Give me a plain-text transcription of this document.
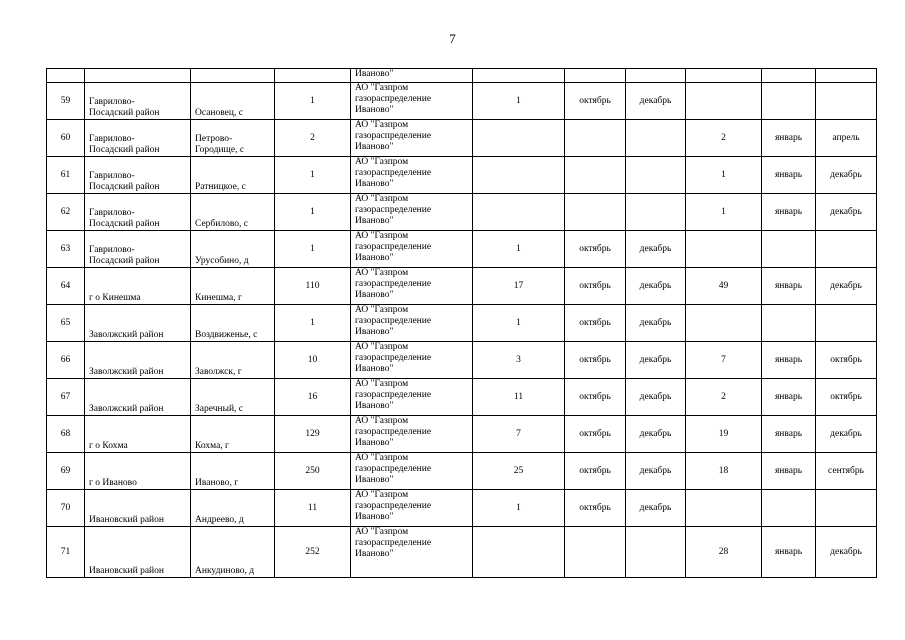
7
				Иваново"						
59	Гаврилово-
Посадский район	Осановец, с	1	АО "Газпром
газораспределение
Иваново"	1	октябрь	декабрь			
60	Гаврилово-
Посадский район	Петрово-
Городище, с	2	АО "Газпром
газораспределение
Иваново"				2	январь	апрель
61	Гаврилово-
Посадский район	Ратницкое, с	1	АО "Газпром
газораспределение
Иваново"				1	январь	декабрь
62	Гаврилово-
Посадский район	Сербилово, с	1	АО "Газпром
газораспределение
Иваново"				1	январь	декабрь
63	Гаврилово-
Посадский район	Урусобино, д	1	АО "Газпром
газораспределение
Иваново"	1	октябрь	декабрь			
64	г о Кинешма	Кинешма, г	110	АО "Газпром
газораспределение
Иваново"	17	октябрь	декабрь	49	январь	декабрь
65	Заволжский район	Воздвиженье, с	1	АО "Газпром
газораспределение
Иваново"	1	октябрь	декабрь			
66	Заволжский район	Заволжск, г	10	АО "Газпром
газораспределение
Иваново"	3	октябрь	декабрь	7	январь	октябрь
67	Заволжский район	Заречный, с	16	АО "Газпром
газораспределение
Иваново"	11	октябрь	декабрь	2	январь	октябрь
68	г о Кохма	Кохма, г	129	АО "Газпром
газораспределение
Иваново"	7	октябрь	декабрь	19	январь	декабрь
69	г о Иваново	Иваново, г	250	АО "Газпром
газораспределение
Иваново"	25	октябрь	декабрь	18	январь	сентябрь
70	Ивановский район	Андреево, д	11	АО "Газпром
газораспределение
Иваново"	1	октябрь	декабрь			
71	Ивановский район	Анкудиново, д	252	АО "Газпром
газораспределение
Иваново"				28	январь	декабрь
